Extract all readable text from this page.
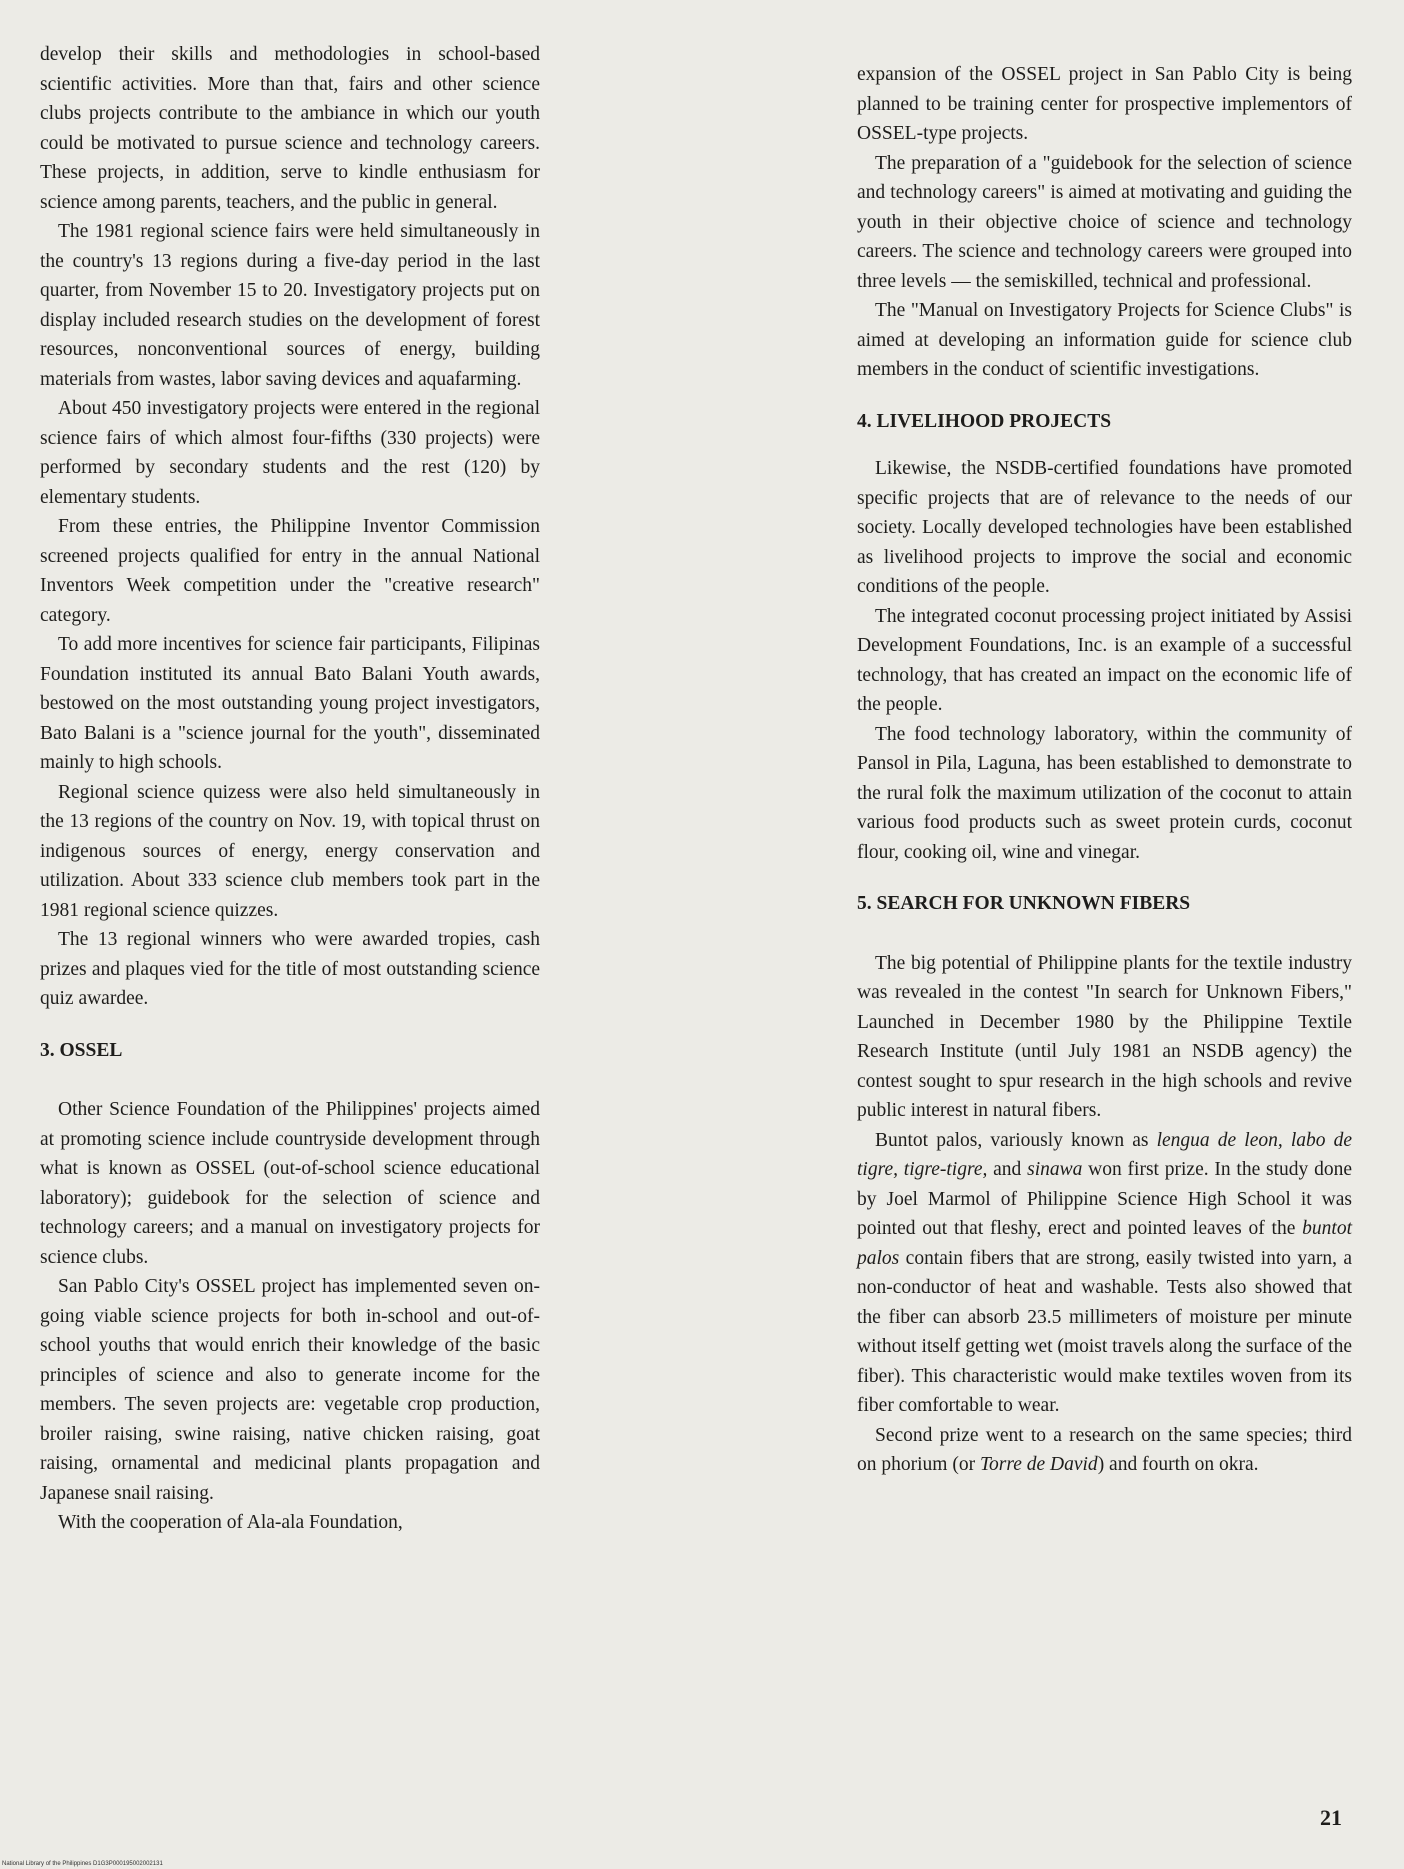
develop their skills and methodologies in school-based scientific activities. More than that, fairs and other science clubs projects contribute to the ambiance in which our youth could be motivated to pursue science and technology careers. These projects, in addition, serve to kindle enthusiasm for science among parents, teachers, and the public in general.

The 1981 regional science fairs were held simultaneously in the country's 13 regions during a five-day period in the last quarter, from November 15 to 20. Investigatory projects put on display included research studies on the development of forest resources, nonconventional sources of energy, building materials from wastes, labor saving devices and aquafarming.

About 450 investigatory projects were entered in the regional science fairs of which almost four-fifths (330 projects) were performed by secondary students and the rest (120) by elementary students.

From these entries, the Philippine Inventor Commission screened projects qualified for entry in the annual National Inventors Week competition under the "creative research" category.

To add more incentives for science fair participants, Filipinas Foundation instituted its annual Bato Balani Youth awards, bestowed on the most outstanding young project investigators, Bato Balani is a "science journal for the youth", disseminated mainly to high schools.

Regional science quizess were also held simultaneously in the 13 regions of the country on Nov. 19, with topical thrust on indigenous sources of energy, energy conservation and utilization. About 333 science club members took part in the 1981 regional science quizzes.

The 13 regional winners who were awarded tropies, cash prizes and plaques vied for the title of most outstanding science quiz awardee.

3. OSSEL

Other Science Foundation of the Philippines' projects aimed at promoting science include countryside development through what is known as OSSEL (out-of-school science educational laboratory); guidebook for the selection of science and technology careers; and a manual on investigatory projects for science clubs.

San Pablo City's OSSEL project has implemented seven on-going viable science projects for both in-school and out-of-school youths that would enrich their knowledge of the basic principles of science and also to generate income for the members. The seven projects are: vegetable crop production, broiler raising, swine raising, native chicken raising, goat raising, ornamental and medicinal plants propagation and Japanese snail raising.

With the cooperation of Ala-ala Foundation,

expansion of the OSSEL project in San Pablo City is being planned to be training center for prospective implementors of OSSEL-type projects.

The preparation of a "guidebook for the selection of science and technology careers" is aimed at motivating and guiding the youth in their objective choice of science and technology careers. The science and technology careers were grouped into three levels — the semiskilled, technical and professional.

The "Manual on Investigatory Projects for Science Clubs" is aimed at developing an information guide for science club members in the conduct of scientific investigations.

4. LIVELIHOOD PROJECTS

Likewise, the NSDB-certified foundations have promoted specific projects that are of relevance to the needs of our society. Locally developed technologies have been established as livelihood projects to improve the social and economic conditions of the people.

The integrated coconut processing project initiated by Assisi Development Foundations, Inc. is an example of a successful technology, that has created an impact on the economic life of the people.

The food technology laboratory, within the community of Pansol in Pila, Laguna, has been established to demonstrate to the rural folk the maximum utilization of the coconut to attain various food products such as sweet protein curds, coconut flour, cooking oil, wine and vinegar.

5. SEARCH FOR UNKNOWN FIBERS

The big potential of Philippine plants for the textile industry was revealed in the contest "In search for Unknown Fibers," Launched in December 1980 by the Philippine Textile Research Institute (until July 1981 an NSDB agency) the contest sought to spur research in the high schools and revive public interest in natural fibers.

Buntot palos, variously known as lengua de leon, labo de tigre, tigre-tigre, and sinawa won first prize. In the study done by Joel Marmol of Philippine Science High School it was pointed out that fleshy, erect and pointed leaves of the buntot palos contain fibers that are strong, easily twisted into yarn, a non-conductor of heat and washable. Tests also showed that the fiber can absorb 23.5 millimeters of moisture per minute without itself getting wet (moist travels along the surface of the fiber). This characteristic would make textiles woven from its fiber comfortable to wear.

Second prize went to a research on the same species; third on phorium (or Torre de David) and fourth on okra.

21
National Library of the Philippines D1G3P000195002002131
